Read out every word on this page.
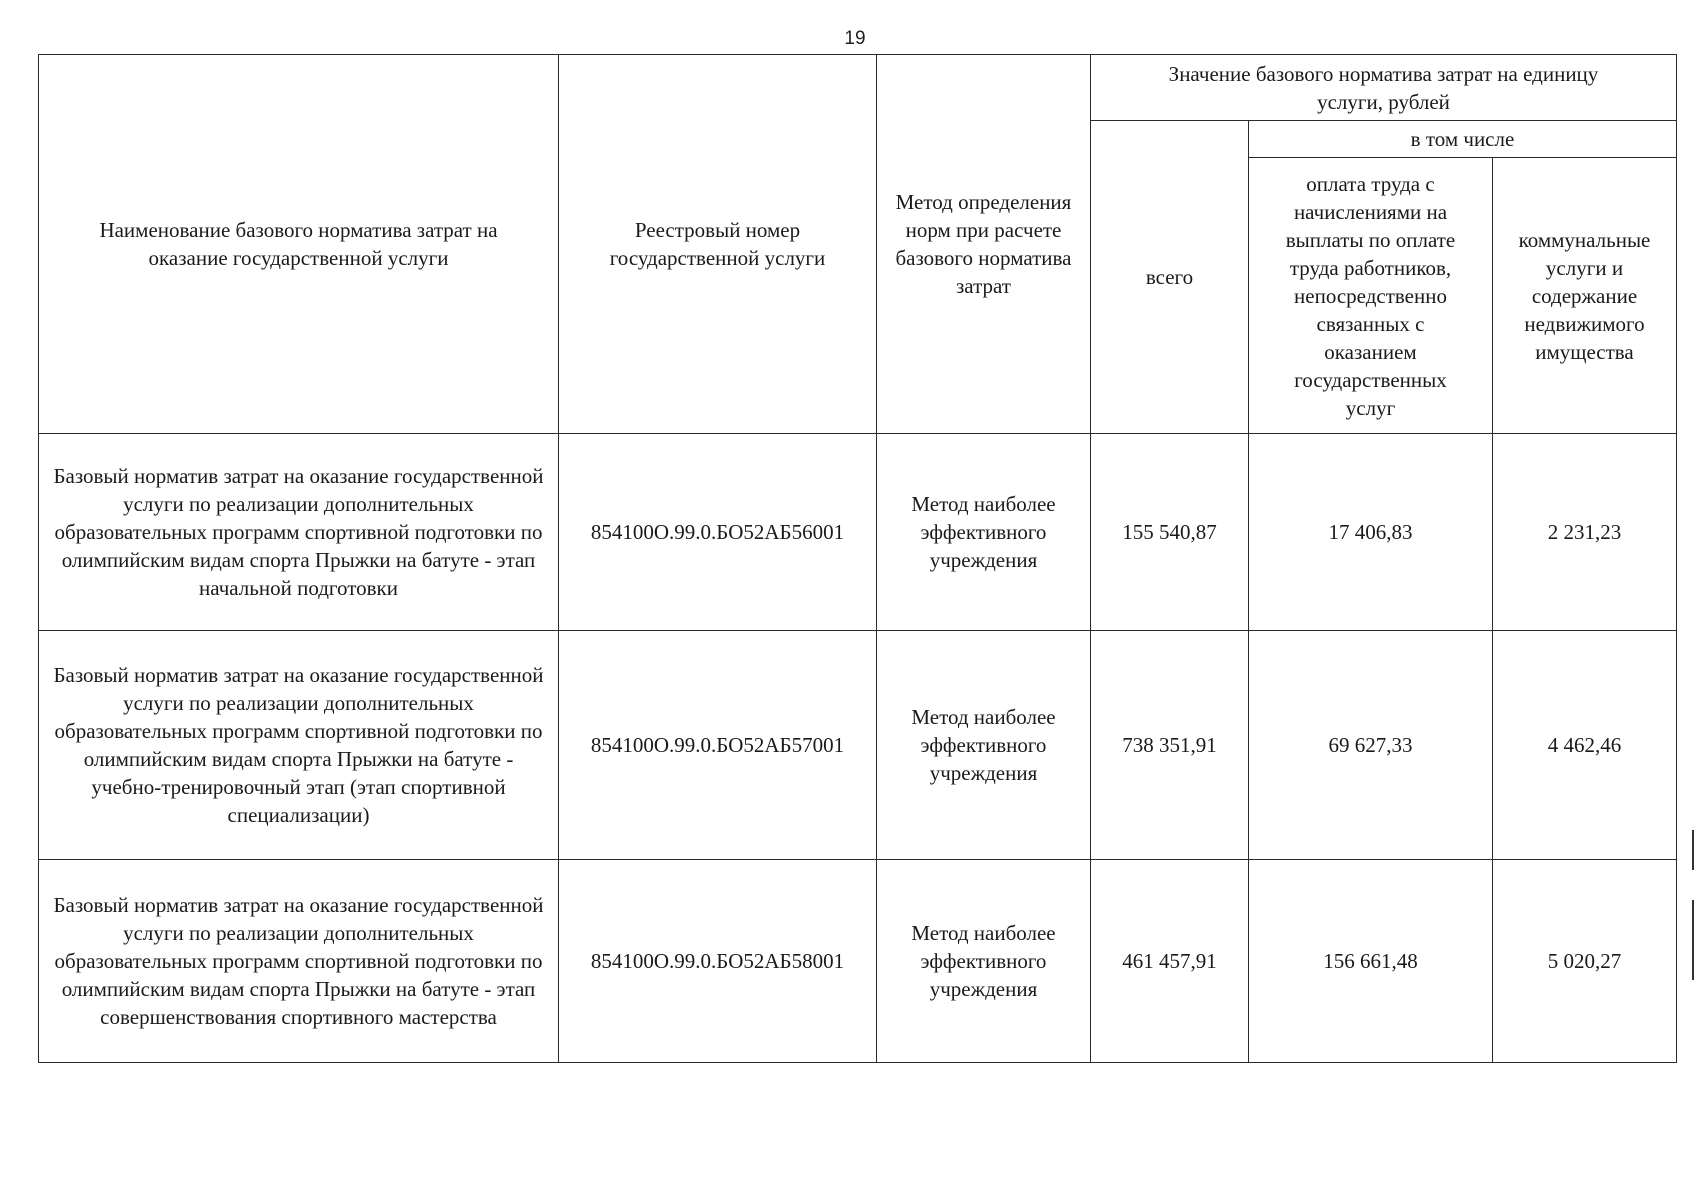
19
Наименование базового норматива затрат на оказание государственной услуги	Реестровый номер государственной услуги	Метод определения норм при расчете базового норматива затрат	Значение базового норматива затрат на единицу услуги, рублей		
			всего	в том числе	
				оплата труда с начислениями на выплаты по оплате труда работников, непосредственно связанных с оказанием государственных услуг	коммунальные услуги и содержание недвижимого имущества
Базовый норматив затрат на оказание государственной услуги по реализации дополнительных образовательных программ спортивной подготовки по олимпийским видам спорта Прыжки на батуте - этап начальной подготовки	854100О.99.0.БО52АБ56001	Метод наиболее эффективного учреждения	155 540,87	17 406,83	2 231,23
Базовый норматив затрат на оказание государственной услуги по реализации дополнительных образовательных программ спортивной подготовки по олимпийским видам спорта Прыжки на батуте - учебно-тренировочный этап (этап спортивной специализации)	854100О.99.0.БО52АБ57001	Метод наиболее эффективного учреждения	738 351,91	69 627,33	4 462,46
Базовый норматив затрат на оказание государственной услуги по реализации дополнительных образовательных программ спортивной подготовки по олимпийским видам спорта Прыжки на батуте - этап совершенствования спортивного мастерства	854100О.99.0.БО52АБ58001	Метод наиболее эффективного учреждения	461 457,91	156 661,48	5 020,27
